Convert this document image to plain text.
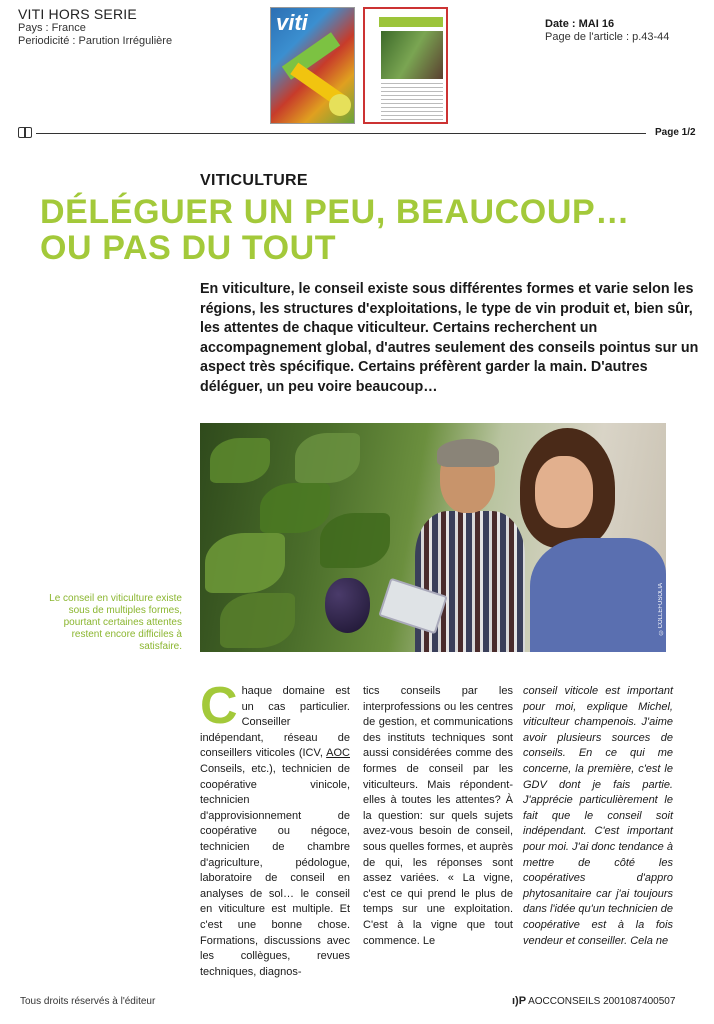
VITI HORS SERIE
Pays : France
Periodicité : Parution Irrégulière
viti	Date : MAI 16
Page de l'article : p.43-44
Page 1/2
VITICULTURE
DÉLÉGUER UN PEU, BEAUCOUP…
OU PAS DU TOUT

En viticulture, le conseil existe sous différentes formes et varie selon les régions, les structures d'exploitations, le type de vin produit et, bien sûr, les attentes de chaque viticulteur. Certains recherchent un accompagnement global, d'autres seulement des conseils pointus sur un aspect très spécifique. Certains préfèrent garder la main. D'autres déléguer, un peu voire beaucoup…

©COLLEFUSOLIA

Le conseil en viticulture existe sous de multiples formes, pourtant certaines attentes restent encore difficiles à satisfaire.

Chaque domaine est un cas particulier. Conseiller indépendant, réseau de conseillers viticoles (ICV, AOC Conseils, etc.), technicien de coopérative vinicole, technicien d'approvisionnement de coopérative ou négoce, technicien de chambre d'agriculture, pédologue, laboratoire de conseil en analyses de sol… le conseil en viticulture est multiple. Et c'est une bonne chose. Formations, discussions avec les collègues, revues techniques, diagnos-
tics conseils par les interprofessions ou les centres de gestion, et communications des instituts techniques sont aussi considérées comme des formes de conseil par les viticulteurs. Mais répondent-elles à toutes les attentes? À la question: sur quels sujets avez-vous besoin de conseil, sous quelles formes, et auprès de qui, les réponses sont assez variées. « La vigne, c'est ce qui prend le plus de temps sur une exploitation. C'est à la vigne que tout commence. Le
conseil viticole est important pour moi, explique Michel, viticulteur champenois. J'aime avoir plusieurs sources de conseils. En ce qui me concerne, la première, c'est le GDV dont je fais partie. J'apprécie particulièrement le fait que le conseil soit indépendant. C'est important pour moi. J'ai donc tendance à mettre de côté les coopératives d'appro phytosanitaire car j'ai toujours dans l'idée qu'un technicien de coopérative est à la fois vendeur et conseiller. Cela ne
Tous droits réservés à l'éditeur	ı)P AOCCONSEILS 2001087400507
